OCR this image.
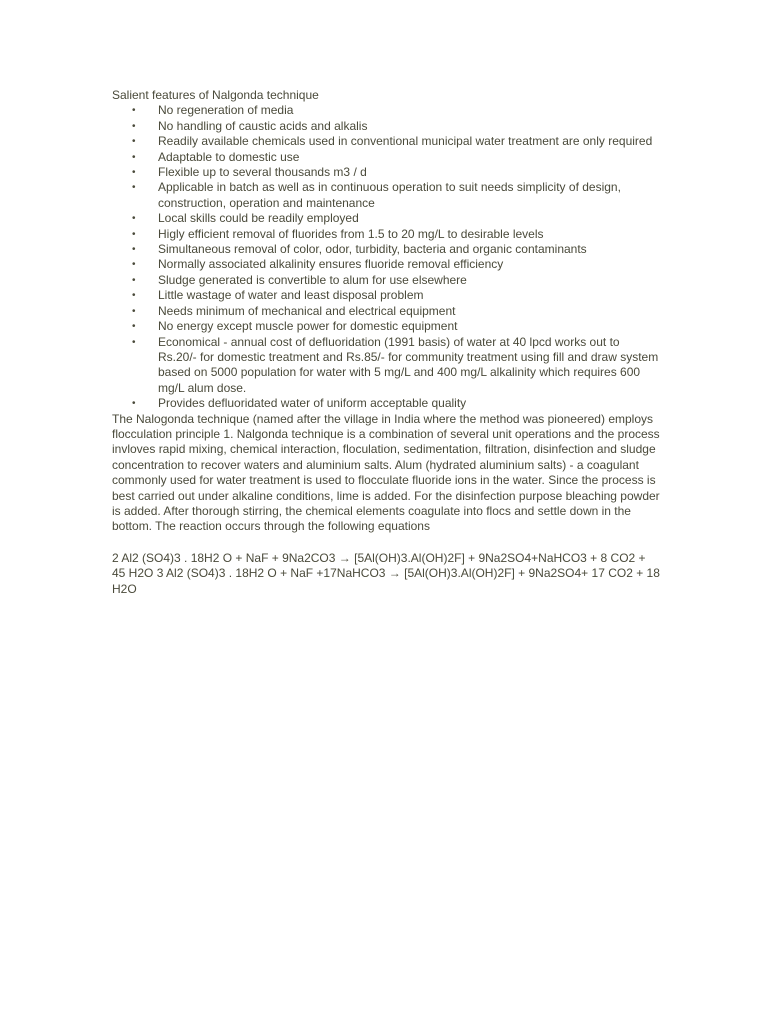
Salient features of Nalgonda technique

• No regeneration of media
• No handling of caustic acids and alkalis
• Readily available chemicals used in conventional municipal water treatment are only required
• Adaptable to domestic use
• Flexible up to several thousands m3 / d
• Applicable in batch as well as in continuous operation to suit needs simplicity of design, construction, operation and maintenance
• Local skills could be readily employed
• Higly efficient removal of fluorides from 1.5 to 20 mg/L to desirable levels
• Simultaneous removal of color, odor, turbidity, bacteria and organic contaminants
• Normally associated alkalinity ensures fluoride removal efficiency
• Sludge generated is convertible to alum for use elsewhere
• Little wastage of water and least disposal problem
• Needs minimum of mechanical and electrical equipment
• No energy except muscle power for domestic equipment
• Economical - annual cost of defluoridation (1991 basis) of water at 40 lpcd works out to Rs.20/- for domestic treatment and Rs.85/- for community treatment using fill and draw system based on 5000 population for water with 5 mg/L and 400 mg/L alkalinity which requires 600 mg/L alum dose.
• Provides defluoridated water of uniform acceptable quality

The Nalogonda technique (named after the village in India where the method was pioneered) employs flocculation principle 1. Nalgonda technique is a combination of several unit operations and the process invloves rapid mixing, chemical interaction, floculation, sedimentation, filtration, disinfection and sludge concentration to recover waters and aluminium salts. Alum (hydrated aluminium salts) - a coagulant commonly used for water treatment is used to flocculate fluoride ions in the water. Since the process is best carried out under alkaline conditions, lime is added. For the disinfection purpose bleaching powder is added. After thorough stirring, the chemical elements coagulate into flocs and settle down in the bottom. The reaction occurs through the following equations

2 Al2 (SO4)3 . 18H2 O + NaF + 9Na2CO3 → [5Al(OH)3.Al(OH)2F] + 9Na2SO4+NaHCO3 + 8 CO2 + 45 H2O 3 Al2 (SO4)3 . 18H2 O + NaF +17NaHCO3 → [5Al(OH)3.Al(OH)2F] + 9Na2SO4+ 17 CO2 + 18 H2O
